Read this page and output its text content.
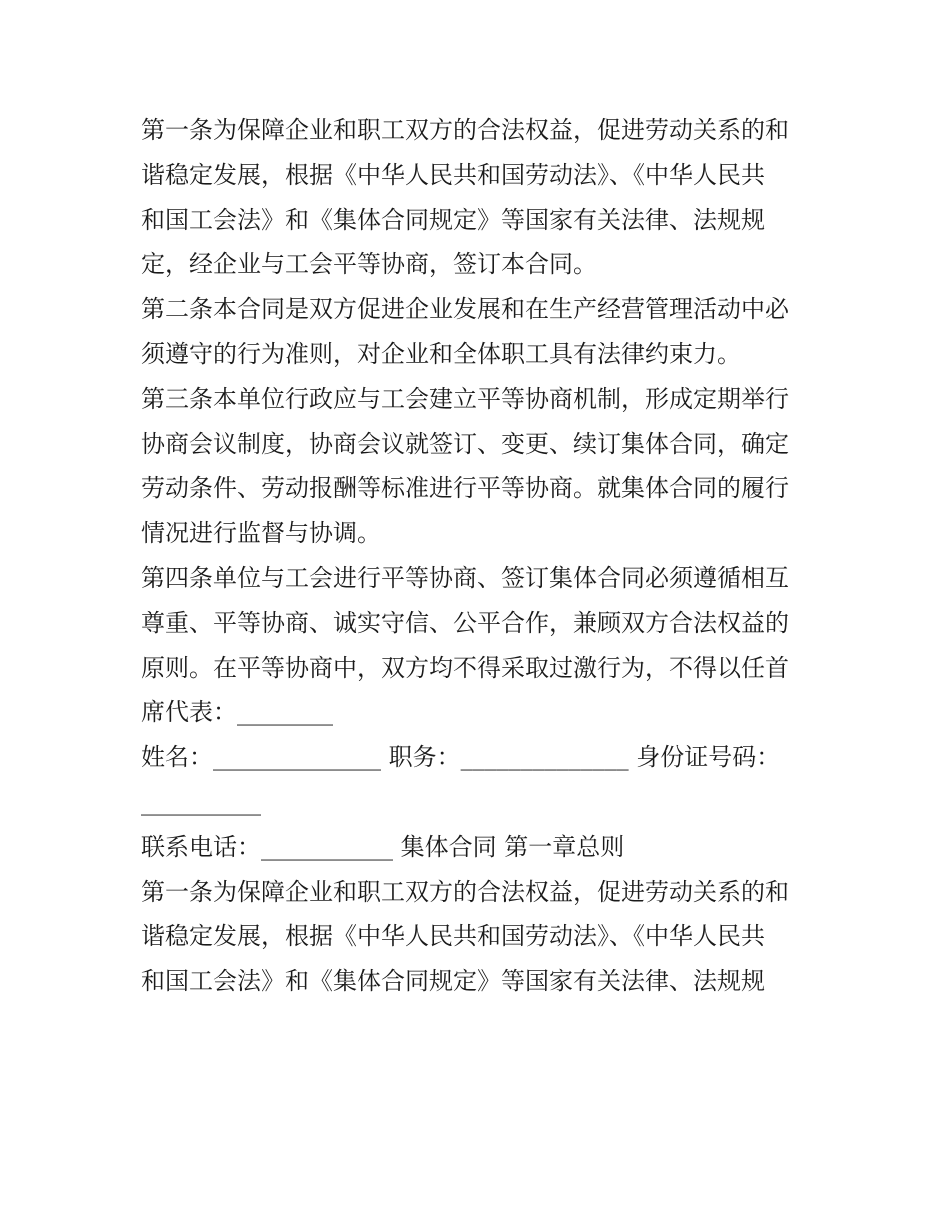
第一条为保障企业和职工双方的合法权益，促进劳动关系的和
谐稳定发展，根据《中华人民共和国劳动法》、《中华人民共
和国工会法》和《集体合同规定》等国家有关法律、法规规
定，经企业与工会平等协商，签订本合同。
第二条本合同是双方促进企业发展和在生产经营管理活动中必
须遵守的行为准则，对企业和全体职工具有法律约束力。
第三条本单位行政应与工会建立平等协商机制，形成定期举行
协商会议制度，协商会议就签订、变更、续订集体合同，确定
劳动条件、劳动报酬等标准进行平等协商。就集体合同的履行
情况进行监督与协调。
第四条单位与工会进行平等协商、签订集体合同必须遵循相互
尊重、平等协商、诚实守信、公平合作，兼顾双方合法权益的
原则。在平等协商中，双方均不得采取过激行为，不得以任首
席代表：________
姓名：______________ 职务：______________ 身份证号码：
__________
联系电话：___________ 集体合同 第一章总则
第一条为保障企业和职工双方的合法权益，促进劳动关系的和
谐稳定发展，根据《中华人民共和国劳动法》、《中华人民共
和国工会法》和《集体合同规定》等国家有关法律、法规规
